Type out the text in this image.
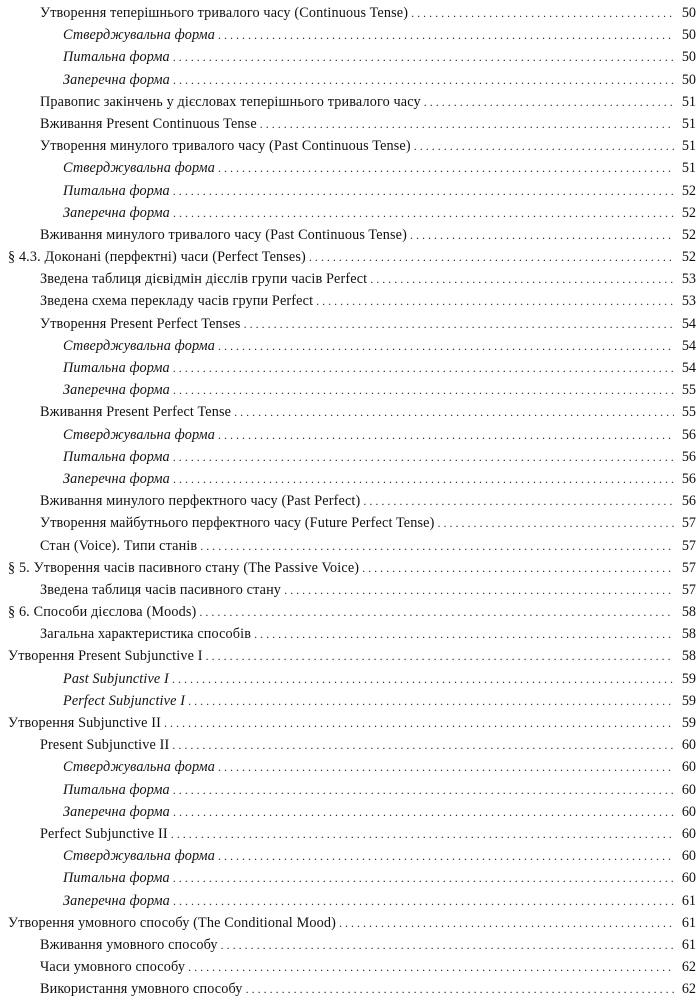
Утворення теперішнього тривалого часу (Continuous Tense) . . .	50
Стверджувальна форма . . .	50
Питальна форма . . .	50
Заперечна форма . . .	50
Правопис закінчень у дієсловах теперішнього тривалого часу . . .	51
Вживання Present Continuous Tense . . .	51
Утворення минулого тривалого часу (Past Continuous Tense) . . .	51
Стверджувальна форма . . .	51
Питальна форма . . .	52
Заперечна форма . . .	52
Вживання минулого тривалого часу (Past Continuous Tense) . . .	52
§ 4.3. Доконані (перфектні) часи (Perfect Tenses) . . .	52
Зведена таблиця дієвідмін дієслів групи часів Perfect . . .	53
Зведена схема перекладу часів групи Perfect . . .	53
Утворення Present Perfect Tenses . . .	54
Стверджувальна форма . . .	54
Питальна форма . . .	54
Заперечна форма . . .	55
Вживання Present Perfect Tense . . .	55
Стверджувальна форма . . .	56
Питальна форма . . .	56
Заперечна форма . . .	56
Вживання минулого перфектного часу (Past Perfect) . . .	56
Утворення майбутнього перфектного часу (Future Perfect Tense) . . .	57
Стан (Voice). Типи станів . . .	57
§ 5. Утворення часів пасивного стану (The Passive Voice) . . .	57
Зведена таблиця часів пасивного стану . . .	57
§ 6. Способи дієслова (Moods) . . .	58
Загальна характеристика способів . . .	58
Утворення Present Subjunctive I . . .	58
Past Subjunctive I . . .	59
Perfect Subjunctive I . . .	59
Утворення Subjunctive II . . .	59
Present Subjunctive II . . .	60
Стверджувальна форма . . .	60
Питальна форма . . .	60
Заперечна форма . . .	60
Perfect Subjunctive II . . .	60
Стверджувальна форма . . .	60
Питальна форма . . .	60
Заперечна форма . . .	61
Утворення умовного способу (The Conditional Mood) . . .	61
Вживання умовного способу . . .	61
Часи умовного способу . . .	62
Використання умовного способу . . .	62
